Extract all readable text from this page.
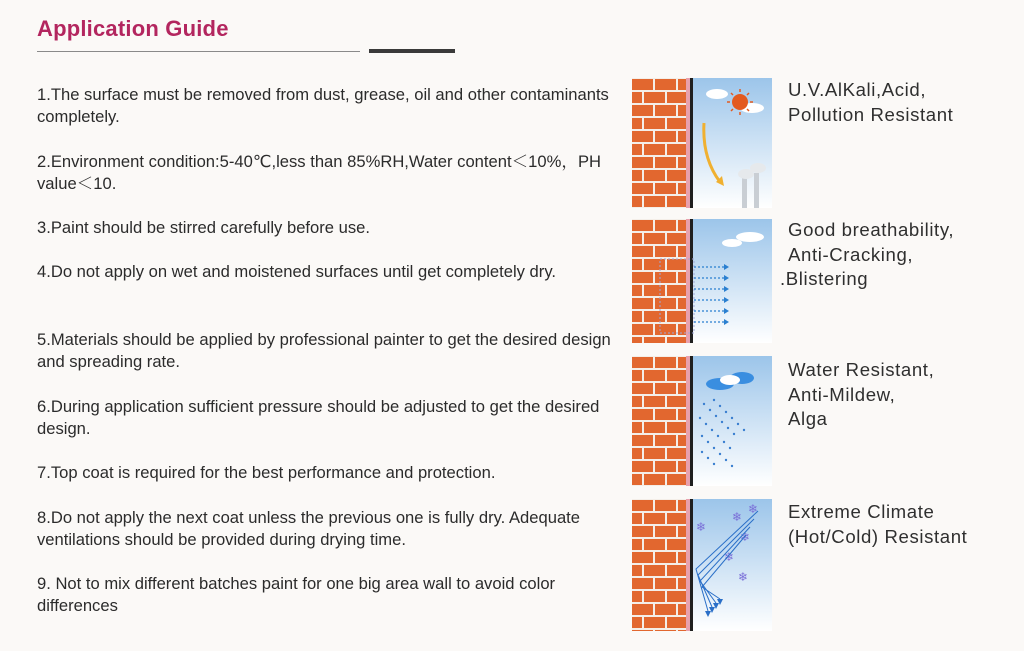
Application Guide
1.The surface must be removed from dust, grease, oil and other contaminants completely.
2.Environment condition:5-40℃,less than 85%RH,Water content＜10%，PH value＜10.
3.Paint should be stirred carefully before use.
4.Do not apply on wet and moistened surfaces until get completely dry.
5.Materials should be applied by professional painter to get the desired design and spreading rate.
6.During application sufficient pressure should be adjusted to get the desired design.
7.Top coat is required for the best performance and protection.
8.Do not apply the next coat unless the previous one is fully dry. Adequate ventilations should be provided during drying time.
9. Not to mix different batches paint for one big area wall to avoid color differences
U.V.AlKali,Acid,
Pollution Resistant
Good breathability,
Anti-Cracking,
.Blistering
Water Resistant,
Anti-Mildew,
Alga
❄
❄
❄
❄
❄
❄
Extreme Climate
(Hot/Cold) Resistant
